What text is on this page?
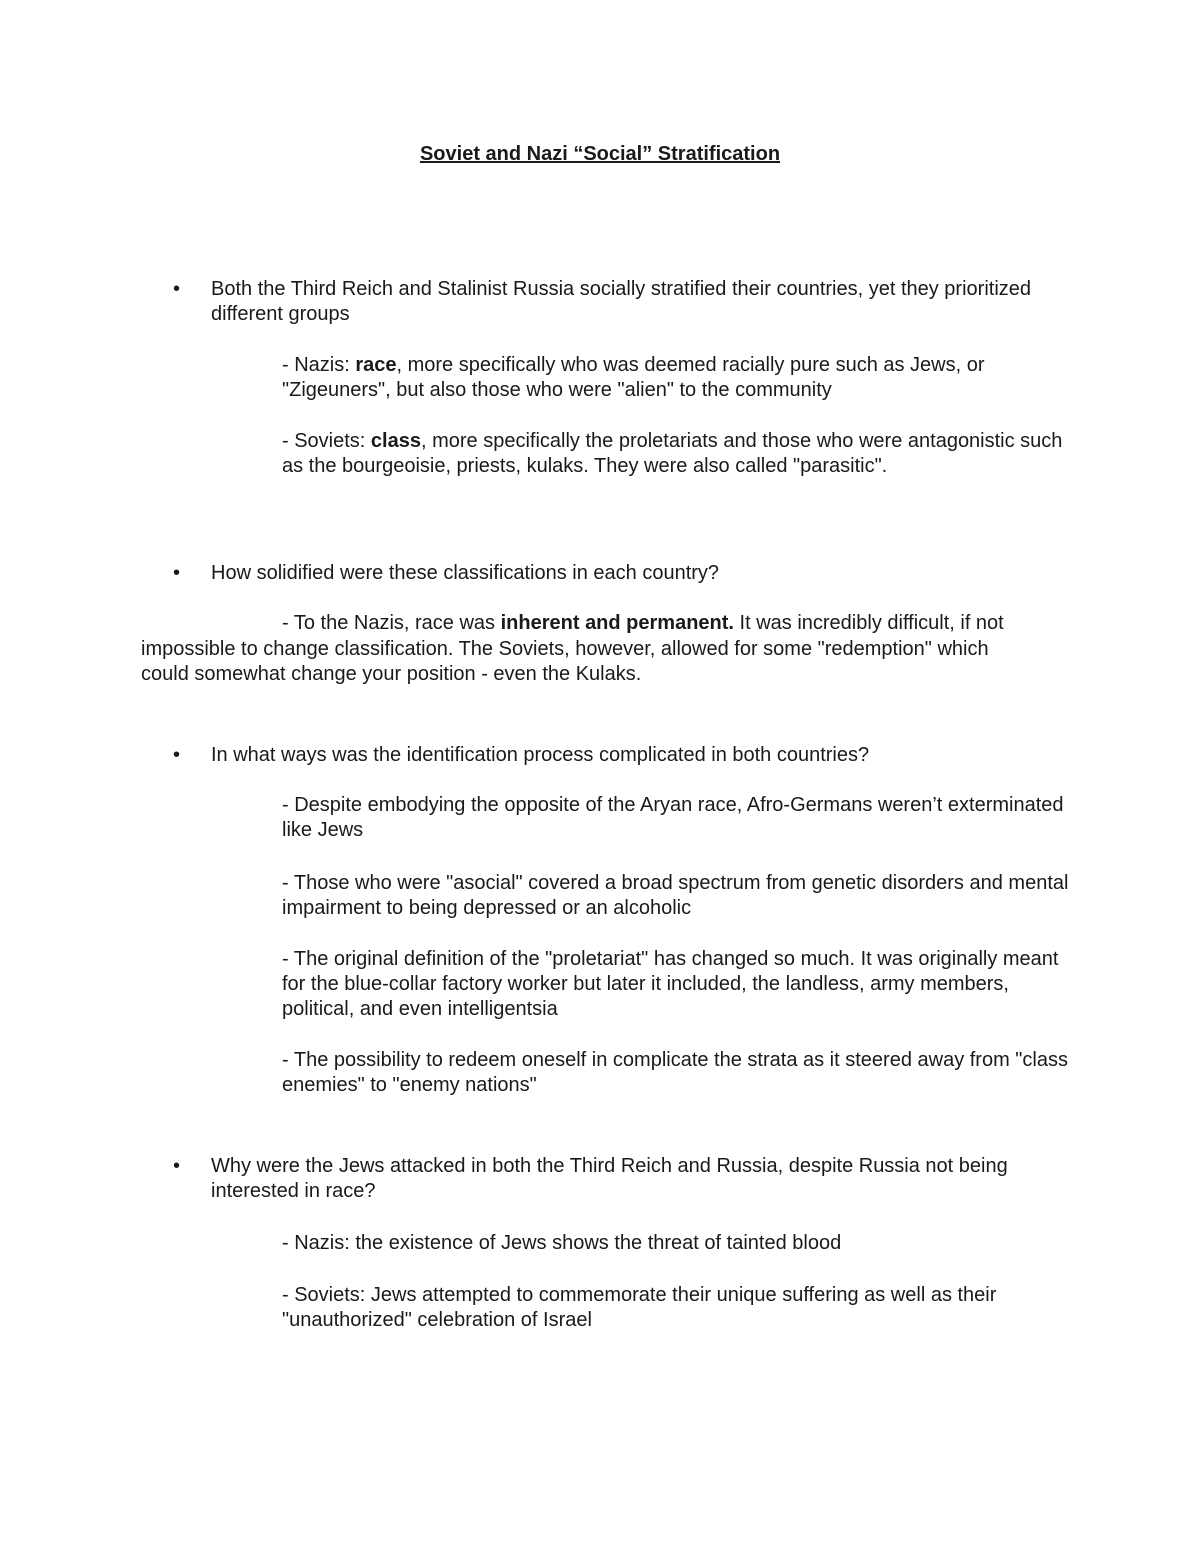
Soviet and Nazi “Social” Stratification
• Both the Third Reich and Stalinist Russia socially stratified their countries, yet they prioritized different groups

- Nazis: race, more specifically who was deemed racially pure such as Jews, or "Zigeuners", but also those who were "alien" to the community

- Soviets: class, more specifically the proletariats and those who were antagonistic such as the bourgeoisie, priests, kulaks. They were also called "parasitic".

• How solidified were these classifications in each country?

- To the Nazis, race was inherent and permanent. It was incredibly difficult, if not impossible to change classification. The Soviets, however, allowed for some "redemption" which could somewhat change your position - even the Kulaks.

• In what ways was the identification process complicated in both countries?

- Despite embodying the opposite of the Aryan race, Afro-Germans weren’t exterminated like Jews

- Those who were "asocial" covered a broad spectrum from genetic disorders and mental impairment to being depressed or an alcoholic

- The original definition of the "proletariat" has changed so much. It was originally meant for the blue-collar factory worker but later it included, the landless, army members, political, and even intelligentsia

- The possibility to redeem oneself in complicate the strata as it steered away from "class enemies" to "enemy nations"

• Why were the Jews attacked in both the Third Reich and Russia, despite Russia not being interested in race?

- Nazis: the existence of Jews shows the threat of tainted blood

- Soviets: Jews attempted to commemorate their unique suffering as well as their "unauthorized" celebration of Israel
